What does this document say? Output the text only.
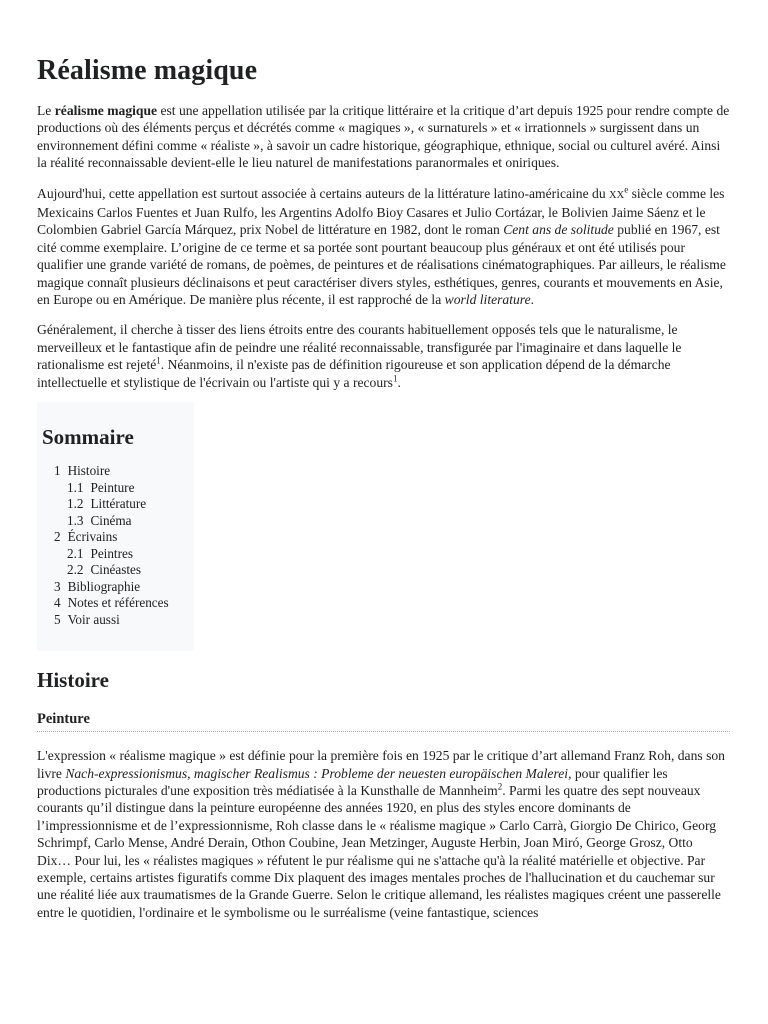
Réalisme magique

Le réalisme magique est une appellation utilisée par la critique littéraire et la critique d’art depuis 1925 pour rendre compte de productions où des éléments perçus et décrétés comme « magiques », « surnaturels » et « irrationnels » surgissent dans un environnement défini comme « réaliste », à savoir un cadre historique, géographique, ethnique, social ou culturel avéré. Ainsi la réalité reconnaissable devient-elle le lieu naturel de manifestations paranormales et oniriques.

Aujourd'hui, cette appellation est surtout associée à certains auteurs de la littérature latino-américaine du XXe siècle comme les Mexicains Carlos Fuentes et Juan Rulfo, les Argentins Adolfo Bioy Casares et Julio Cortázar, le Bolivien Jaime Sáenz et le Colombien Gabriel García Márquez, prix Nobel de littérature en 1982, dont le roman Cent ans de solitude publié en 1967, est cité comme exemplaire. L’origine de ce terme et sa portée sont pourtant beaucoup plus généraux et ont été utilisés pour qualifier une grande variété de romans, de poèmes, de peintures et de réalisations cinématographiques. Par ailleurs, le réalisme magique connaît plusieurs déclinaisons et peut caractériser divers styles, esthétiques, genres, courants et mouvements en Asie, en Europe ou en Amérique. De manière plus récente, il est rapproché de la world literature.

Généralement, il cherche à tisser des liens étroits entre des courants habituellement opposés tels que le naturalisme, le merveilleux et le fantastique afin de peindre une réalité reconnaissable, transfigurée par l'imaginaire et dans laquelle le rationalisme est rejeté$^1$. Néanmoins, il n'existe pas de définition rigoureuse et son application dépend de la démarche intellectuelle et stylistique de l'écrivain ou l'artiste qui y a recours$^1$.

Sommaire
1 Histoire
1.1 Peinture
1.2 Littérature
1.3 Cinéma
2 Écrivains
2.1 Peintres
2.2 Cinéastes
3 Bibliographie
4 Notes et références
5 Voir aussi
Histoire
Peinture

L'expression « réalisme magique » est définie pour la première fois en 1925 par le critique d’art allemand Franz Roh, dans son livre Nach-expressionismus, magischer Realismus : Probleme der neuesten europäischen Malerei, pour qualifier les productions picturales d'une exposition très médiatisée à la Kunsthalle de Mannheim$^2$. Parmi les quatre des sept nouveaux courants qu’il distingue dans la peinture européenne des années 1920, en plus des styles encore dominants de l’impressionnisme et de l’expressionnisme, Roh classe dans le « réalisme magique » Carlo Carrà, Giorgio De Chirico, Georg Schrimpf, Carlo Mense, André Derain, Othon Coubine, Jean Metzinger, Auguste Herbin, Joan Miró, George Grosz, Otto Dix… Pour lui, les « réalistes magiques » réfutent le pur réalisme qui ne s'attache qu'à la réalité matérielle et objective. Par exemple, certains artistes figuratifs comme Dix plaquent des images mentales proches de l'hallucination et du cauchemar sur une réalité liée aux traumatismes de la Grande Guerre. Selon le critique allemand, les réalistes magiques créent une passerelle entre le quotidien, l'ordinaire et le symbolisme ou le surréalisme (veine fantastique, sciences
